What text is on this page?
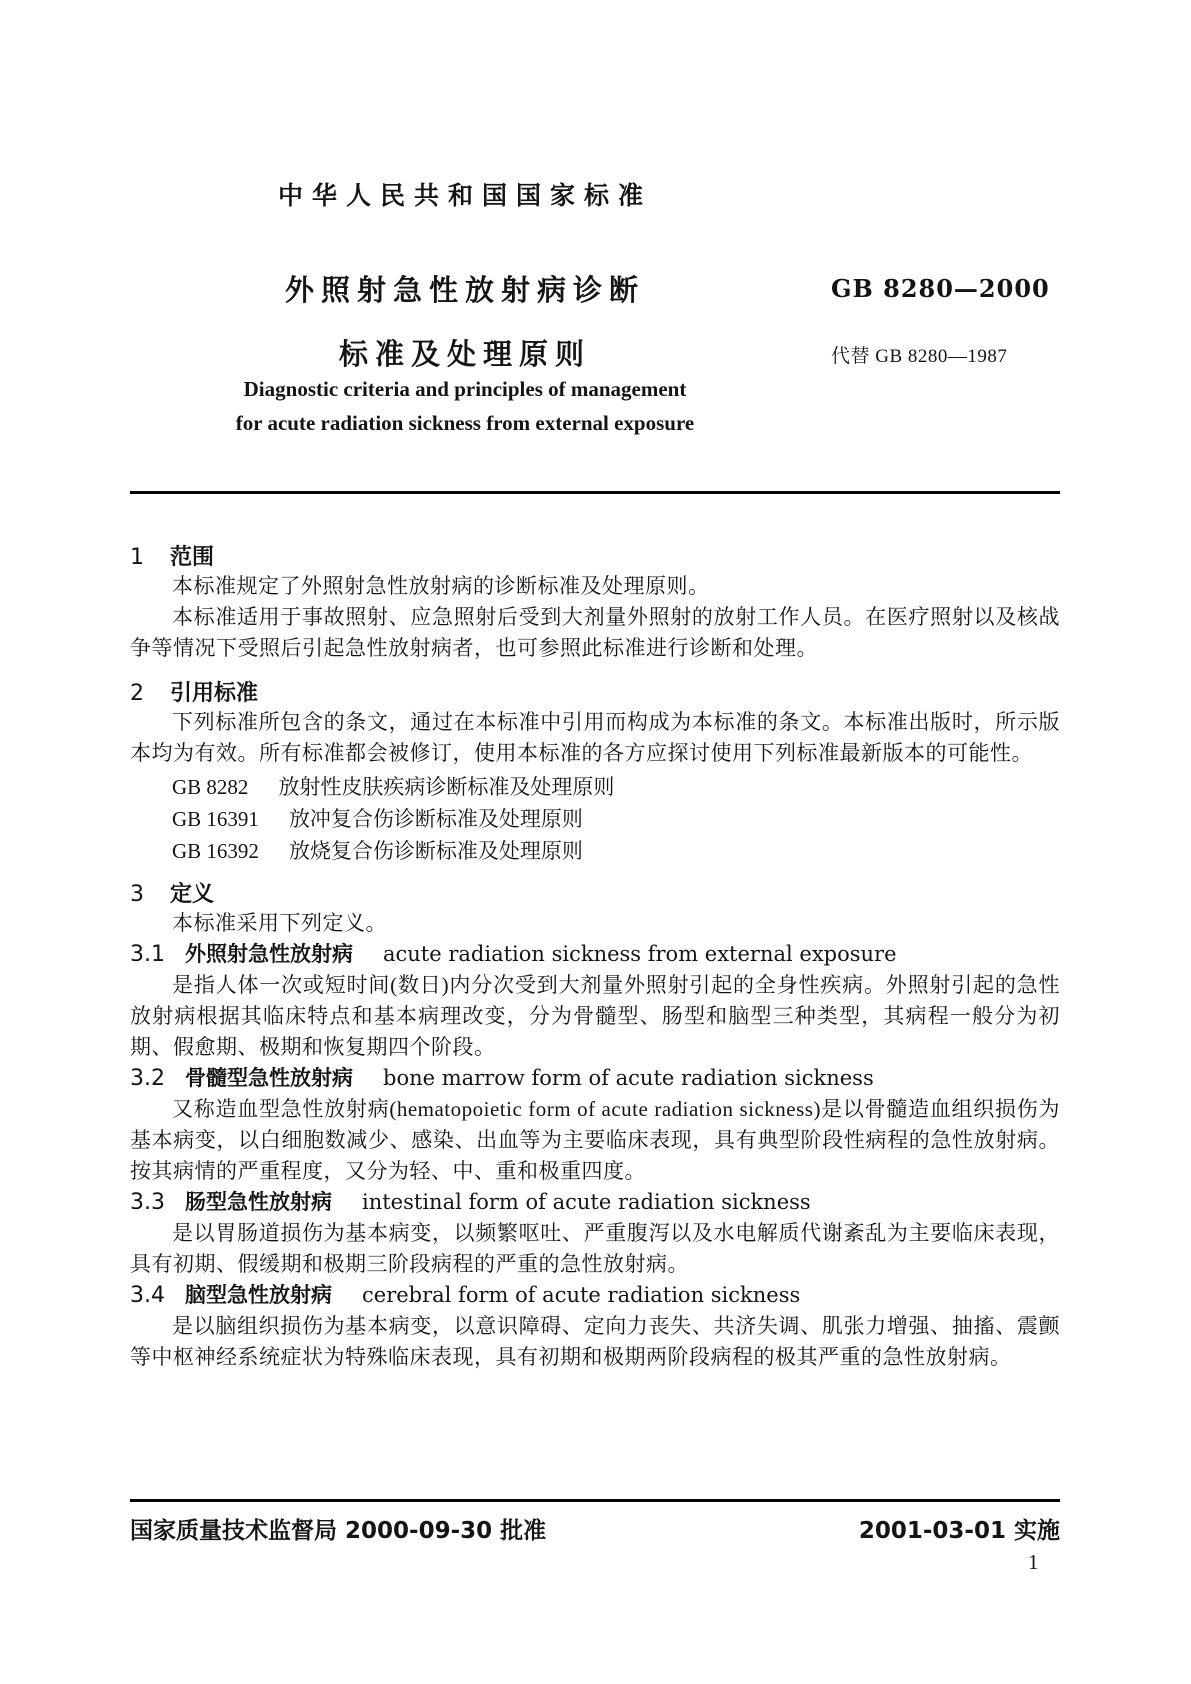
中华人民共和国国家标准
外照射急性放射病诊断
标准及处理原则
GB 8280—2000
代替 GB 8280—1987
Diagnostic criteria and principles of management
for acute radiation sickness from external exposure
1 范围

本标准规定了外照射急性放射病的诊断标准及处理原则。

本标准适用于事故照射、应急照射后受到大剂量外照射的放射工作人员。在医疗照射以及核战争等情况下受照后引起急性放射病者，也可参照此标准进行诊断和处理。

2 引用标准

下列标准所包含的条文，通过在本标准中引用而构成为本标准的条文。本标准出版时，所示版本均为有效。所有标准都会被修订，使用本标准的各方应探讨使用下列标准最新版本的可能性。

GB 8282 放射性皮肤疾病诊断标准及处理原则

GB 16391 放冲复合伤诊断标准及处理原则

GB 16392 放烧复合伤诊断标准及处理原则

3 定义

本标准采用下列定义。

3.1 外照射急性放射病 acute radiation sickness from external exposure

是指人体一次或短时间(数日)内分次受到大剂量外照射引起的全身性疾病。外照射引起的急性放射病根据其临床特点和基本病理改变，分为骨髓型、肠型和脑型三种类型，其病程一般分为初期、假愈期、极期和恢复期四个阶段。

3.2 骨髓型急性放射病 bone marrow form of acute radiation sickness

又称造血型急性放射病(hematopoietic form of acute radiation sickness)是以骨髓造血组织损伤为基本病变，以白细胞数减少、感染、出血等为主要临床表现，具有典型阶段性病程的急性放射病。按其病情的严重程度，又分为轻、中、重和极重四度。

3.3 肠型急性放射病 intestinal form of acute radiation sickness

是以胃肠道损伤为基本病变，以频繁呕吐、严重腹泻以及水电解质代谢紊乱为主要临床表现，具有初期、假缓期和极期三阶段病程的严重的急性放射病。

3.4 脑型急性放射病 cerebral form of acute radiation sickness

是以脑组织损伤为基本病变，以意识障碍、定向力丧失、共济失调、肌张力增强、抽搐、震颤等中枢神经系统症状为特殊临床表现，具有初期和极期两阶段病程的极其严重的急性放射病。

国家质量技术监督局 2000-09-30 批准	2001-03-01 实施
1
